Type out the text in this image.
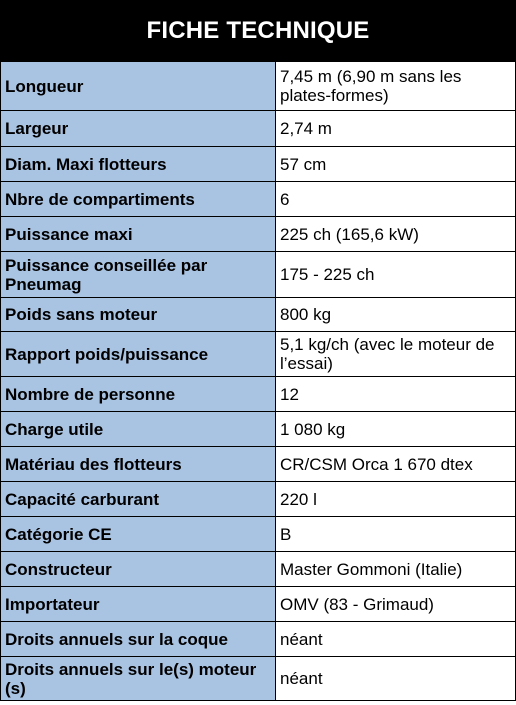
FICHE TECHNIQUE
Longueur	7,45 m (6,90 m sans les plates-formes)
Largeur	2,74 m
Diam. Maxi flotteurs	57 cm
Nbre de compartiments	6
Puissance maxi	225 ch (165,6 kW)
Puissance conseillée par Pneumag	175 - 225 ch
Poids sans moteur	800 kg
Rapport poids/puissance	5,1 kg/ch (avec le moteur de l’essai)
Nombre de personne	12
Charge utile	1 080 kg
Matériau des flotteurs	CR/CSM Orca 1 670 dtex
Capacité carburant	220 l
Catégorie CE	B
Constructeur	Master Gommoni (Italie)
Importateur	OMV (83 - Grimaud)
Droits annuels sur la coque	néant
Droits annuels sur le(s) moteur (s)	néant
